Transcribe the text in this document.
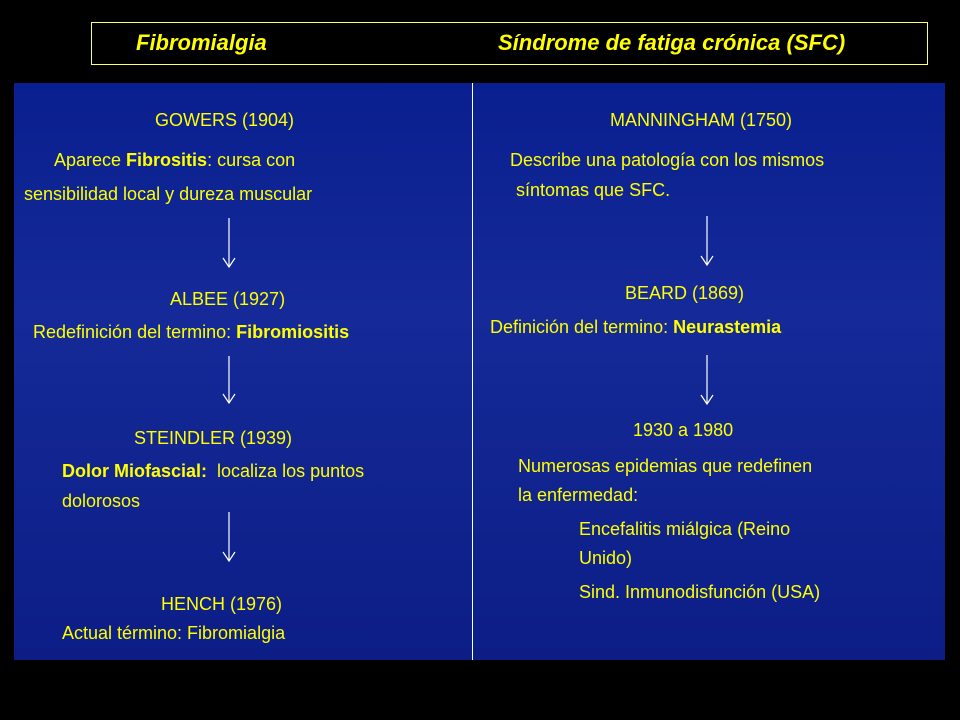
Fibromialgia	Síndrome de fatiga crónica (SFC)
GOWERS (1904)
Aparece Fibrositis: cursa con
sensibilidad local y dureza muscular
ALBEE (1927)
Redefinición del termino: Fibromiositis
STEINDLER (1939)
Dolor Miofascial:  localiza los puntos
dolorosos
HENCH (1976)
Actual término: Fibromialgia
MANNINGHAM (1750)
Describe una patología con los mismos
síntomas que SFC.
BEARD (1869)
Definición del termino: Neurastemia
1930 a 1980
Numerosas epidemias que redefinen
la enfermedad:
Encefalitis miálgica (Reino
Unido)
Sind. Inmunodisfunción (USA)
